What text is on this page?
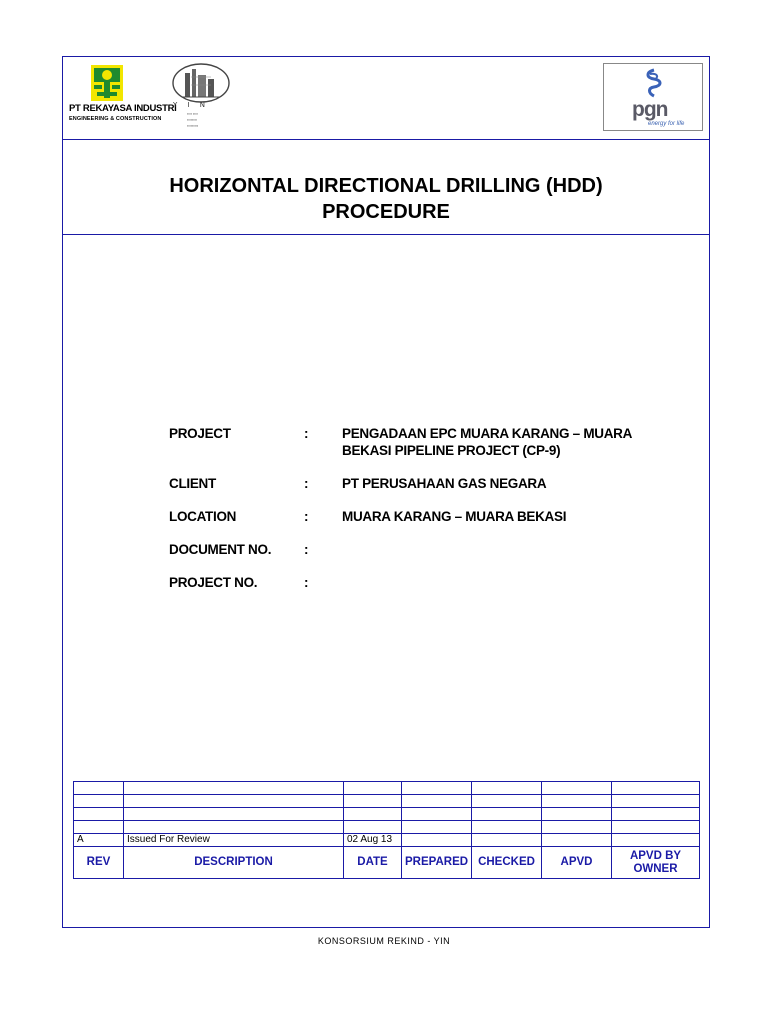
PT REKAYASA INDUSTRI
ENGINEERING & CONSTRUCTION
Y I N
▪▪▪▪ ▪▪▪▪
▪▪▪▪▪▪▪▪
▪▪▪▪▪▪▪▪▪
pgn
energy for life
HORIZONTAL DIRECTIONAL DRILLING (HDD)
PROCEDURE
PROJECT	:	PENGADAAN EPC MUARA KARANG – MUARA
BEKASI PIPELINE PROJECT (CP-9)
CLIENT	:	PT PERUSAHAAN GAS NEGARA
LOCATION	:	MUARA KARANG – MUARA BEKASI
DOCUMENT NO.	:
PROJECT NO.	:

A	Issued For Review	02 Aug 13				
REV	DESCRIPTION	DATE	PREPARED	CHECKED	APVD	APVD BY OWNER
KONSORSIUM REKIND - YIN
